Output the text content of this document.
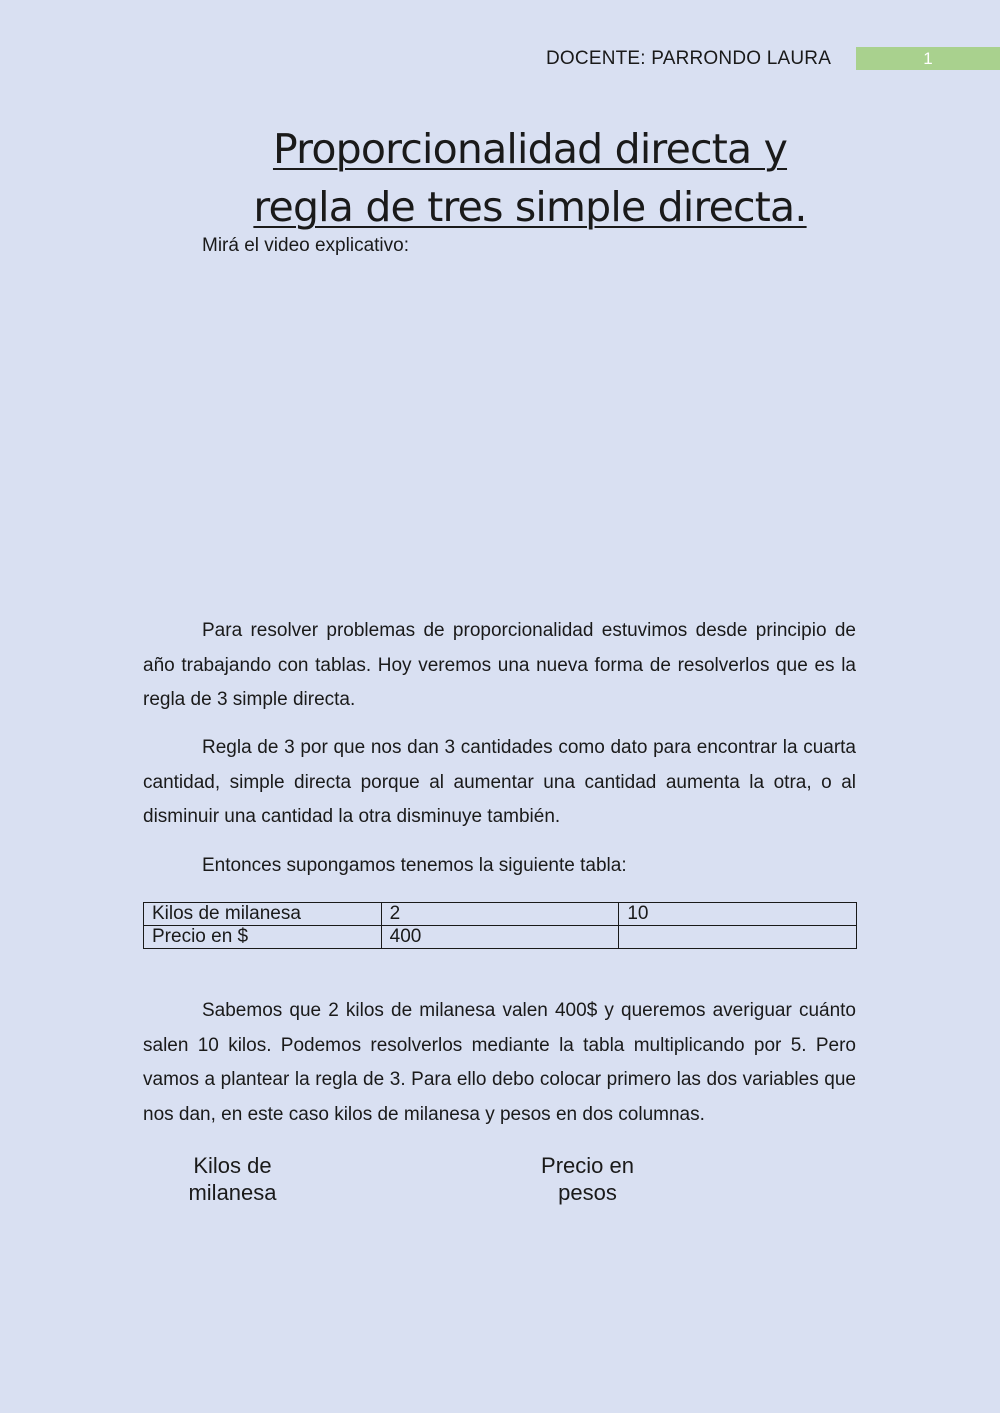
DOCENTE: PARRONDO LAURA	1
Proporcionalidad directa y
regla de tres simple directa.
Mirá el video explicativo:
Para resolver problemas de proporcionalidad estuvimos desde principio de año trabajando con tablas. Hoy veremos una nueva forma de resolverlos que es la regla de 3 simple directa.
Regla de 3 por que nos dan 3 cantidades como dato para encontrar la cuarta cantidad, simple directa porque al aumentar una cantidad aumenta la otra, o al disminuir una cantidad la otra disminuye también.
Entonces supongamos tenemos la siguiente tabla:
Kilos de milanesa	2	10
Precio en $	400	
Sabemos que 2 kilos de milanesa valen 400$ y queremos averiguar cuánto salen 10 kilos. Podemos resolverlos mediante la tabla multiplicando por 5. Pero vamos a plantear la regla de 3. Para ello debo colocar primero las dos variables que nos dan, en este caso kilos de milanesa y pesos en dos columnas.
Kilos de
milanesa
Precio en
pesos
